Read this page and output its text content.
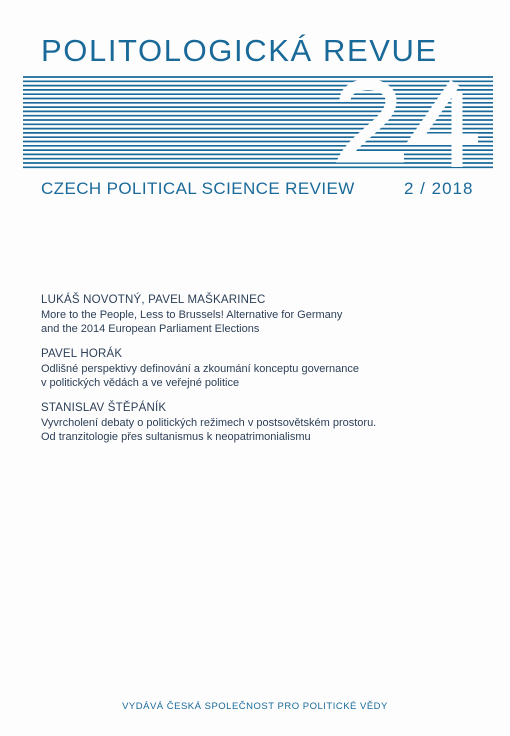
POLITOLOGICKÁ REVUE
CZECH POLITICAL SCIENCE REVIEW	2 / 2018
LUKÁŠ NOVOTNÝ, PAVEL MAŠKARINEC
More to the People, Less to Brussels! Alternative for Germany
and the 2014 European Parliament Elections
PAVEL HORÁK
Odlišné perspektivy definování a zkoumání konceptu governance
v politických vědách a ve veřejné politice
STANISLAV ŠTĚPÁNÍK
Vyvrcholení debaty o politických režimech v postsovětském prostoru.
Od tranzitologie přes sultanismus k neopatrimonialismu
VYDÁVÁ ČESKÁ SPOLEČNOST PRO POLITICKÉ VĚDY
